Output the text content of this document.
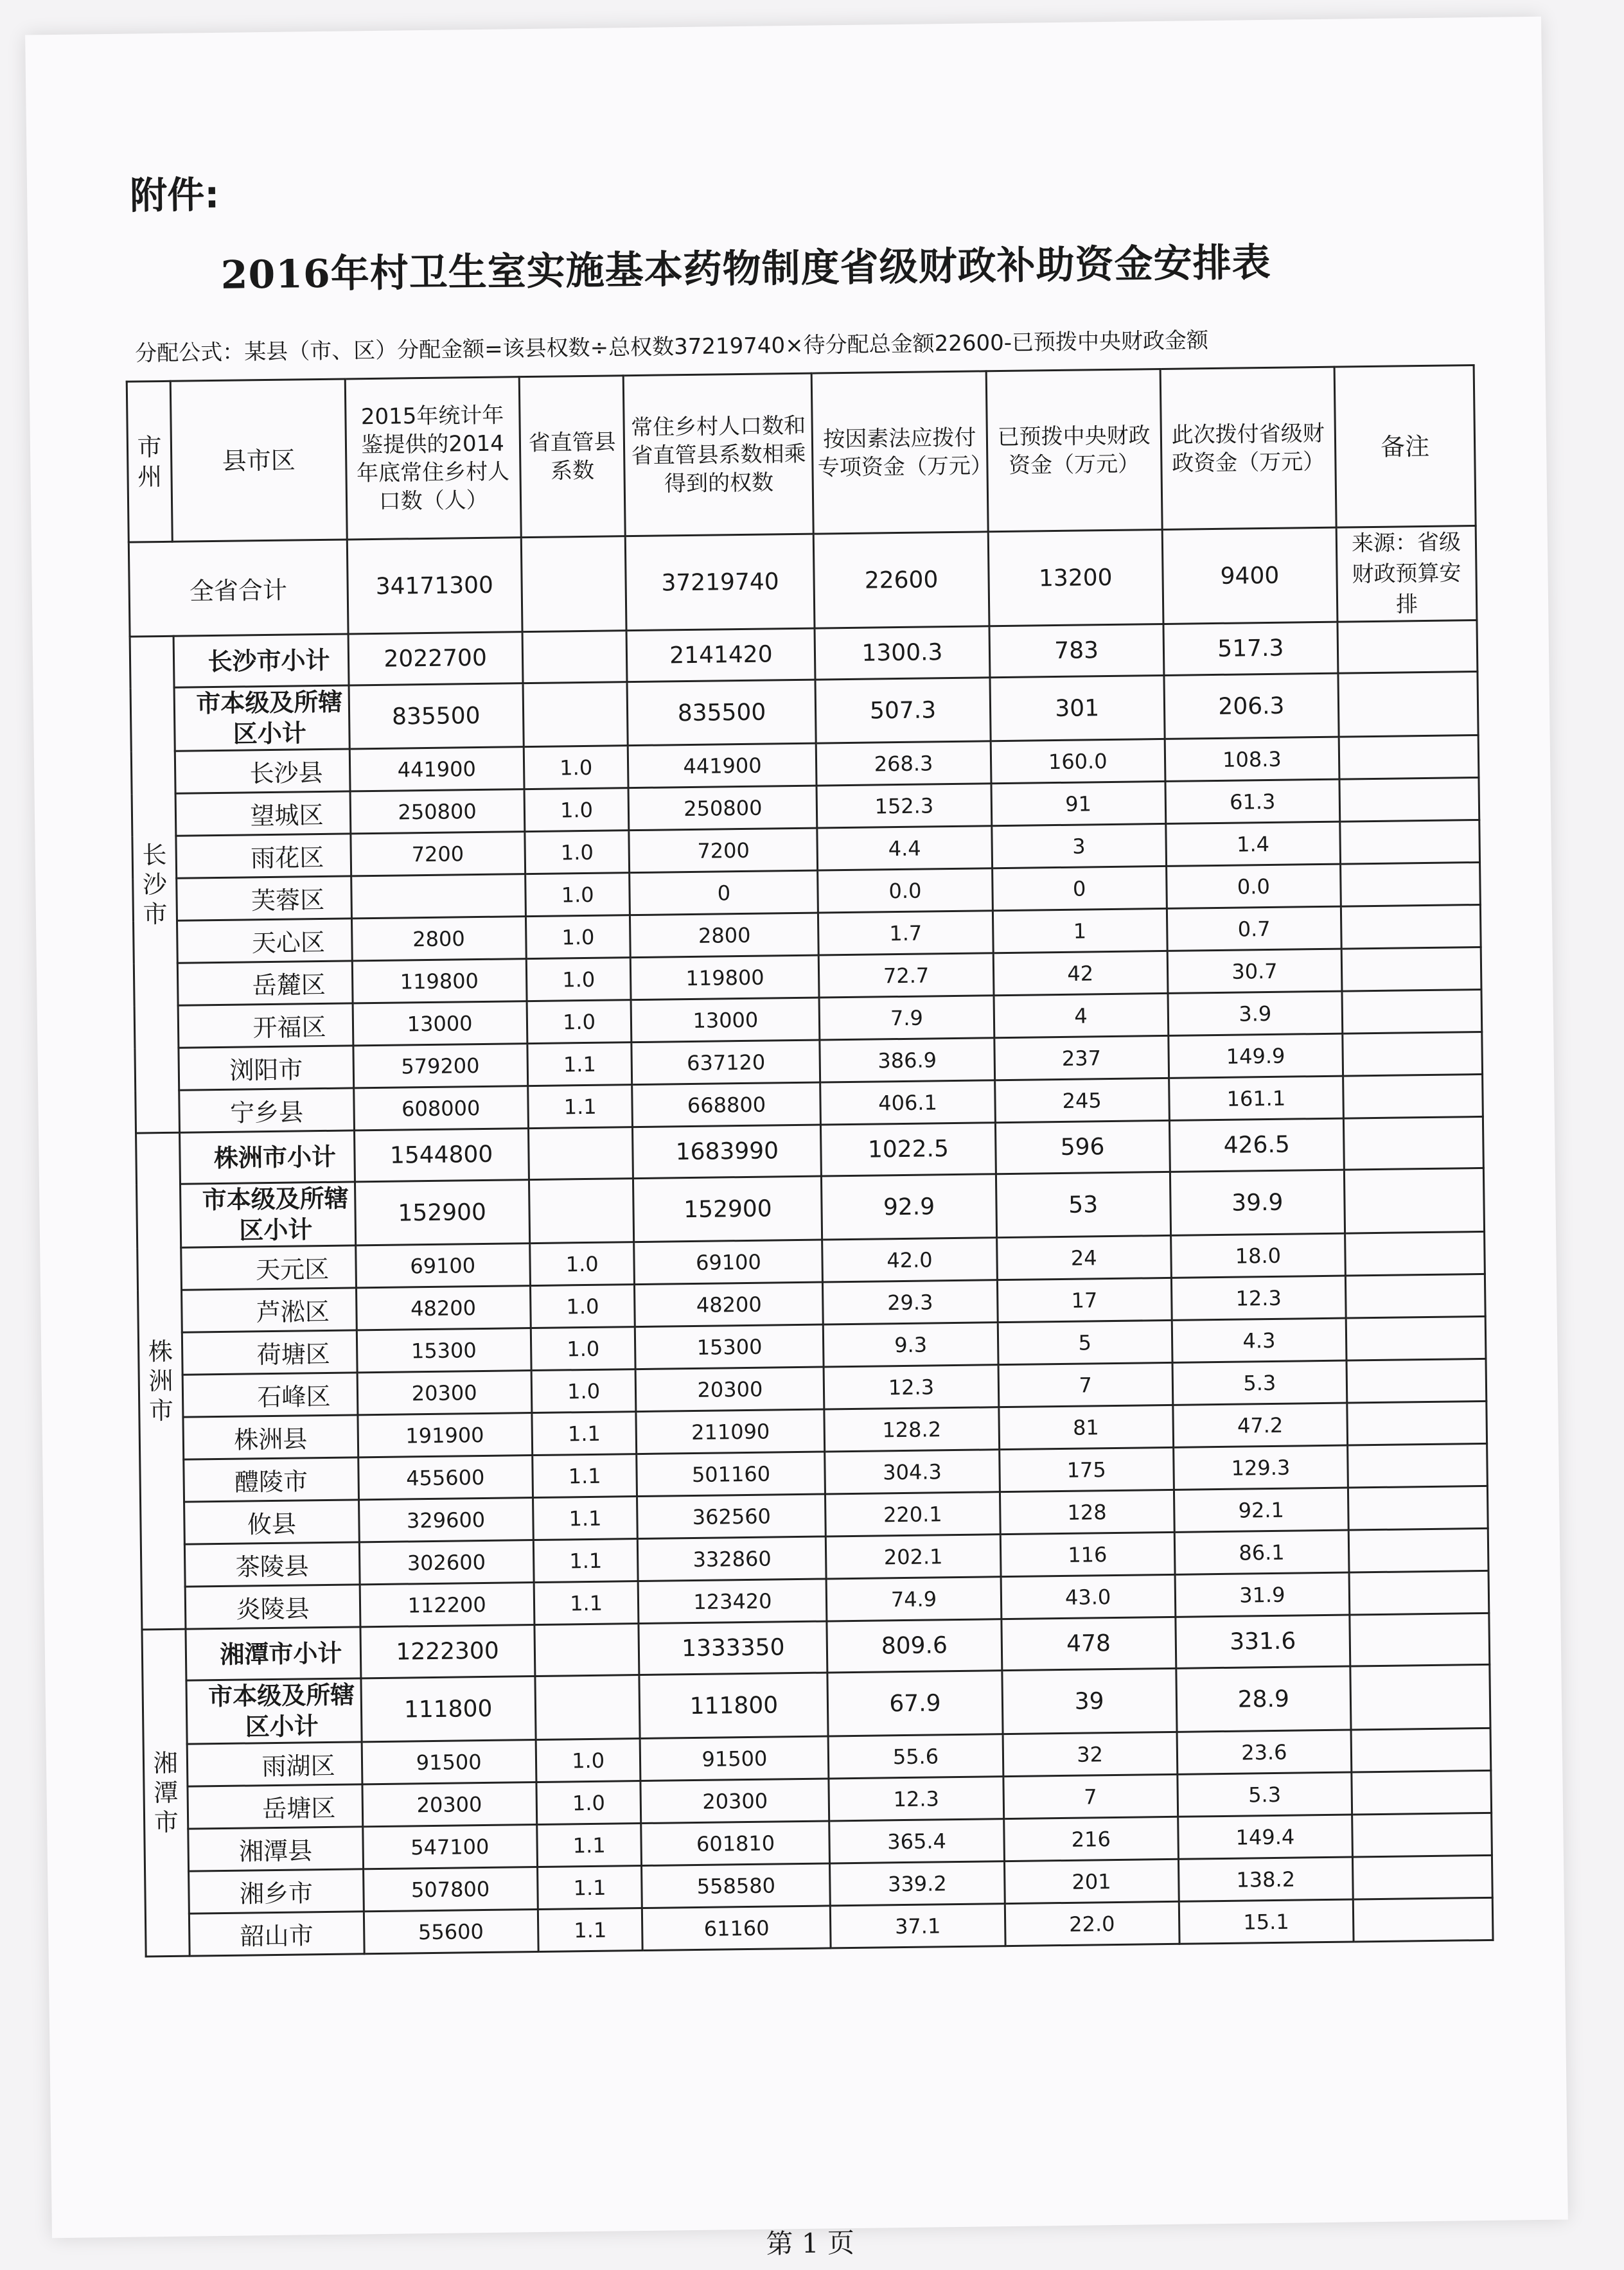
附件:
2016年村卫生室实施基本药物制度省级财政补助资金安排表
分配公式：某县（市、区）分配金额=该县权数÷总权数37219740×待分配总金额22600-已预拨中央财政金额
市州	县市区	2015年统计年鉴提供的2014年底常住乡村人口数（人）	省直管县系数	常住乡村人口数和省直管县系数相乘得到的权数	按因素法应拨付专项资金（万元）	已预拨中央财政资金（万元）	此次拨付省级财政资金（万元）	备注
全省合计		34171300		37219740	22600	13200	9400	来源：省级财政预算安排
长
沙
市	长沙市小计	2022700		2141420	1300.3	783	517.3	
	市本级及所辖区小计	835500		835500	507.3	301	206.3	
	长沙县	441900	1.0	441900	268.3	160.0	108.3	
	望城区	250800	1.0	250800	152.3	91	61.3	
	雨花区	7200	1.0	7200	4.4	3	1.4	
	芙蓉区		1.0	0	0.0	0	0.0	
	天心区	2800	1.0	2800	1.7	1	0.7	
	岳麓区	119800	1.0	119800	72.7	42	30.7	
	开福区	13000	1.0	13000	7.9	4	3.9	
	浏阳市	579200	1.1	637120	386.9	237	149.9	
	宁乡县	608000	1.1	668800	406.1	245	161.1	
株
洲
市	株洲市小计	1544800		1683990	1022.5	596	426.5	
	市本级及所辖区小计	152900		152900	92.9	53	39.9	
	天元区	69100	1.0	69100	42.0	24	18.0	
	芦淞区	48200	1.0	48200	29.3	17	12.3	
	荷塘区	15300	1.0	15300	9.3	5	4.3	
	石峰区	20300	1.0	20300	12.3	7	5.3	
	株洲县	191900	1.1	211090	128.2	81	47.2	
	醴陵市	455600	1.1	501160	304.3	175	129.3	
	攸县	329600	1.1	362560	220.1	128	92.1	
	茶陵县	302600	1.1	332860	202.1	116	86.1	
	炎陵县	112200	1.1	123420	74.9	43.0	31.9	
湘
潭
市	湘潭市小计	1222300		1333350	809.6	478	331.6	
	市本级及所辖区小计	111800		111800	67.9	39	28.9	
	雨湖区	91500	1.0	91500	55.6	32	23.6	
	岳塘区	20300	1.0	20300	12.3	7	5.3	
	湘潭县	547100	1.1	601810	365.4	216	149.4	
	湘乡市	507800	1.1	558580	339.2	201	138.2	
	韶山市	55600	1.1	61160	37.1	22.0	15.1	
第 1 页
